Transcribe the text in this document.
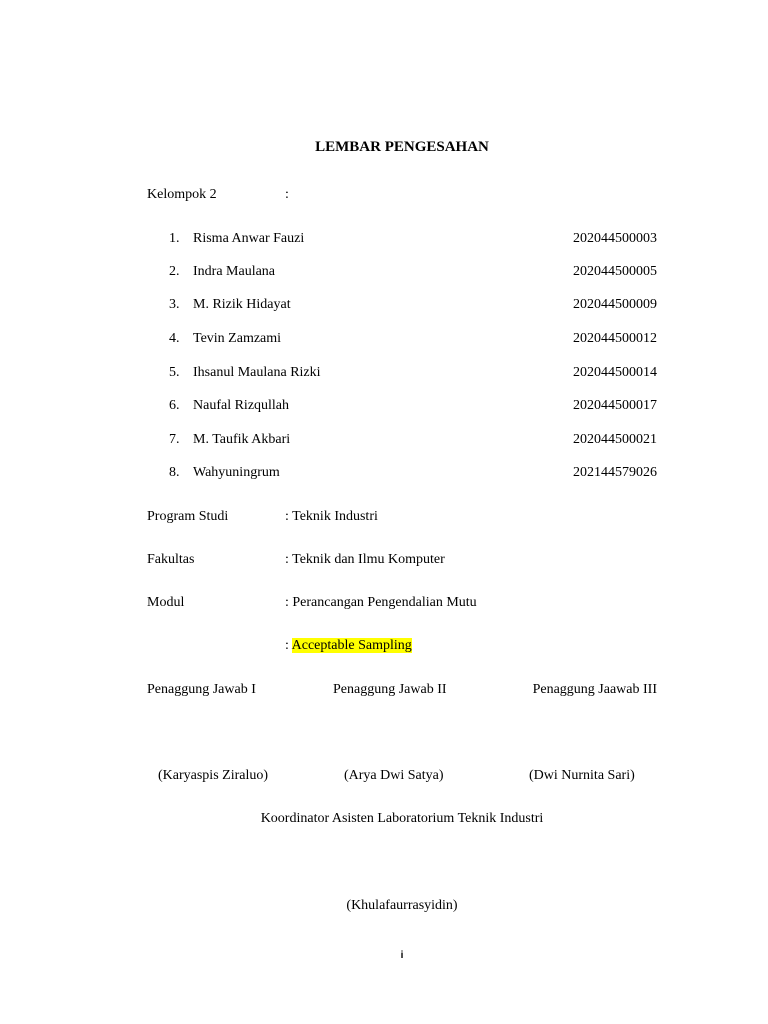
LEMBAR PENGESAHAN
Kelompok 2	:
1. Risma Anwar Fauzi	202044500003
2. Indra Maulana	202044500005
3. M. Rizik Hidayat	202044500009
4. Tevin Zamzami	202044500012
5. Ihsanul Maulana Rizki	202044500014
6. Naufal Rizqullah	202044500017
7. M. Taufik Akbari	202044500021
8. Wahyuningrum	202144579026
Program Studi	: Teknik Industri
Fakultas	: Teknik dan Ilmu Komputer
Modul	: Perancangan Pengendalian Mutu
: Acceptable Sampling
Penaggung Jawab I	Penaggung Jawab II	Penaggung Jaawab III
(Karyaspis Ziraluo)	(Arya Dwi Satya)	(Dwi Nurnita Sari)
Koordinator Asisten Laboratorium Teknik Industri
(Khulafaurrasyidin)
i
